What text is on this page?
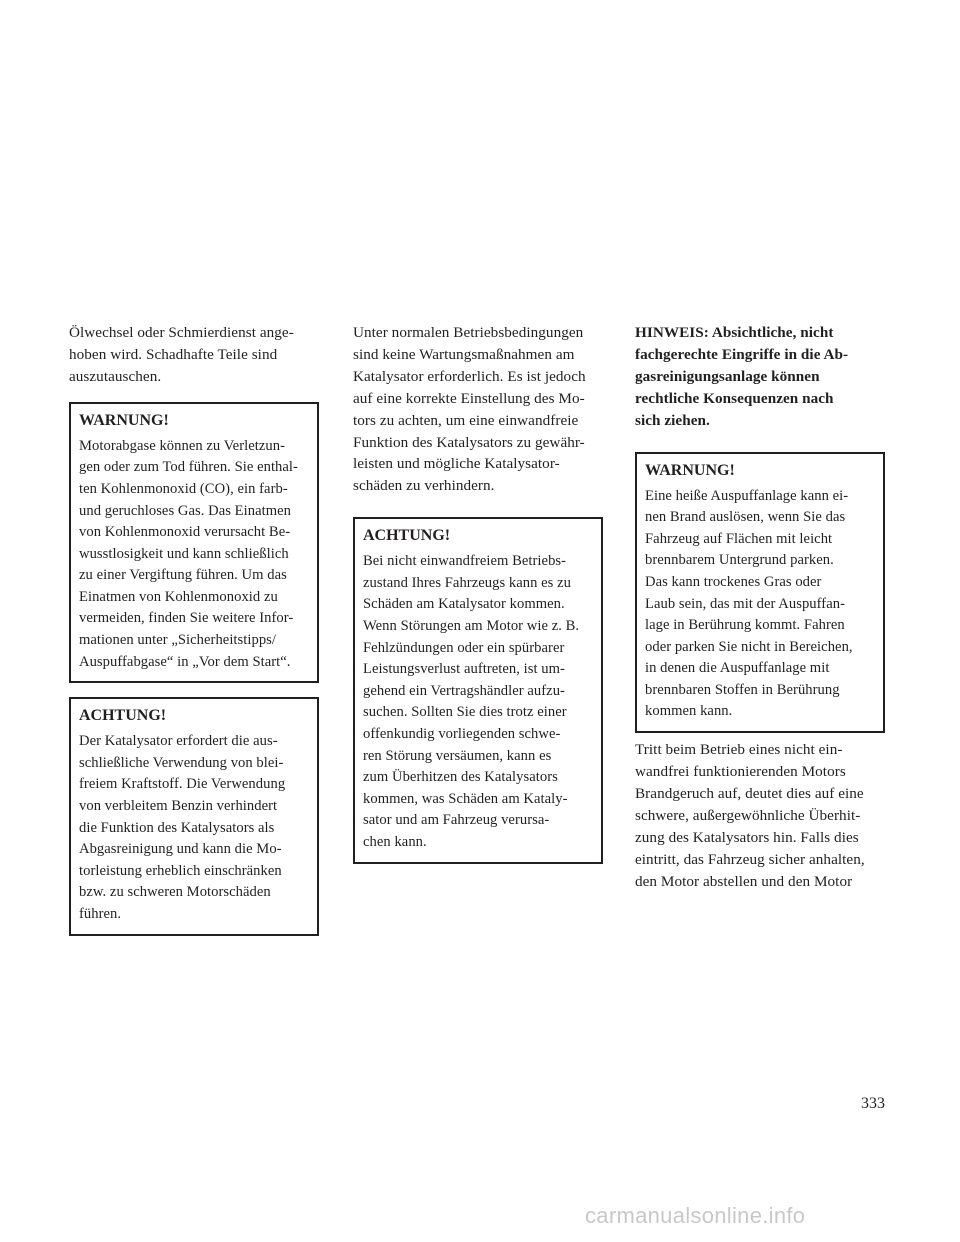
Ölwechsel oder Schmierdienst ange-
hoben wird. Schadhafte Teile sind
auszutauschen.

WARNUNG!

Motorabgase können zu Verletzun-
gen oder zum Tod führen. Sie enthal-
ten Kohlenmonoxid (CO), ein farb-
und geruchloses Gas. Das Einatmen
von Kohlenmonoxid verursacht Be-
wusstlosigkeit und kann schließlich
zu einer Vergiftung führen. Um das
Einatmen von Kohlenmonoxid zu
vermeiden, finden Sie weitere Infor-
mationen unter „Sicherheitstipps/
Auspuffabgase“ in „Vor dem Start“.

ACHTUNG!

Der Katalysator erfordert die aus-
schließliche Verwendung von blei-
freiem Kraftstoff. Die Verwendung
von verbleitem Benzin verhindert
die Funktion des Katalysators als
Abgasreinigung und kann die Mo-
torleistung erheblich einschränken
bzw. zu schweren Motorschäden
führen.

Unter normalen Betriebsbedingungen
sind keine Wartungsmaßnahmen am
Katalysator erforderlich. Es ist jedoch
auf eine korrekte Einstellung des Mo-
tors zu achten, um eine einwandfreie
Funktion des Katalysators zu gewähr-
leisten und mögliche Katalysator-
schäden zu verhindern.

ACHTUNG!

Bei nicht einwandfreiem Betriebs-
zustand Ihres Fahrzeugs kann es zu
Schäden am Katalysator kommen.
Wenn Störungen am Motor wie z. B.
Fehlzündungen oder ein spürbarer
Leistungsverlust auftreten, ist um-
gehend ein Vertragshändler aufzu-
suchen. Sollten Sie dies trotz einer
offenkundig vorliegenden schwe-
ren Störung versäumen, kann es
zum Überhitzen des Katalysators
kommen, was Schäden am Kataly-
sator und am Fahrzeug verursa-
chen kann.

HINWEIS: Absichtliche, nicht
fachgerechte Eingriffe in die Ab-
gasreinigungsanlage können
rechtliche Konsequenzen nach
sich ziehen.

WARNUNG!

Eine heiße Auspuffanlage kann ei-
nen Brand auslösen, wenn Sie das
Fahrzeug auf Flächen mit leicht
brennbarem Untergrund parken.
Das kann trockenes Gras oder
Laub sein, das mit der Auspuffan-
lage in Berührung kommt. Fahren
oder parken Sie nicht in Bereichen,
in denen die Auspuffanlage mit
brennbaren Stoffen in Berührung
kommen kann.

Tritt beim Betrieb eines nicht ein-
wandfrei funktionierenden Motors
Brandgeruch auf, deutet dies auf eine
schwere, außergewöhnliche Überhit-
zung des Katalysators hin. Falls dies
eintritt, das Fahrzeug sicher anhalten,
den Motor abstellen und den Motor

333
carmanualsonline.info
